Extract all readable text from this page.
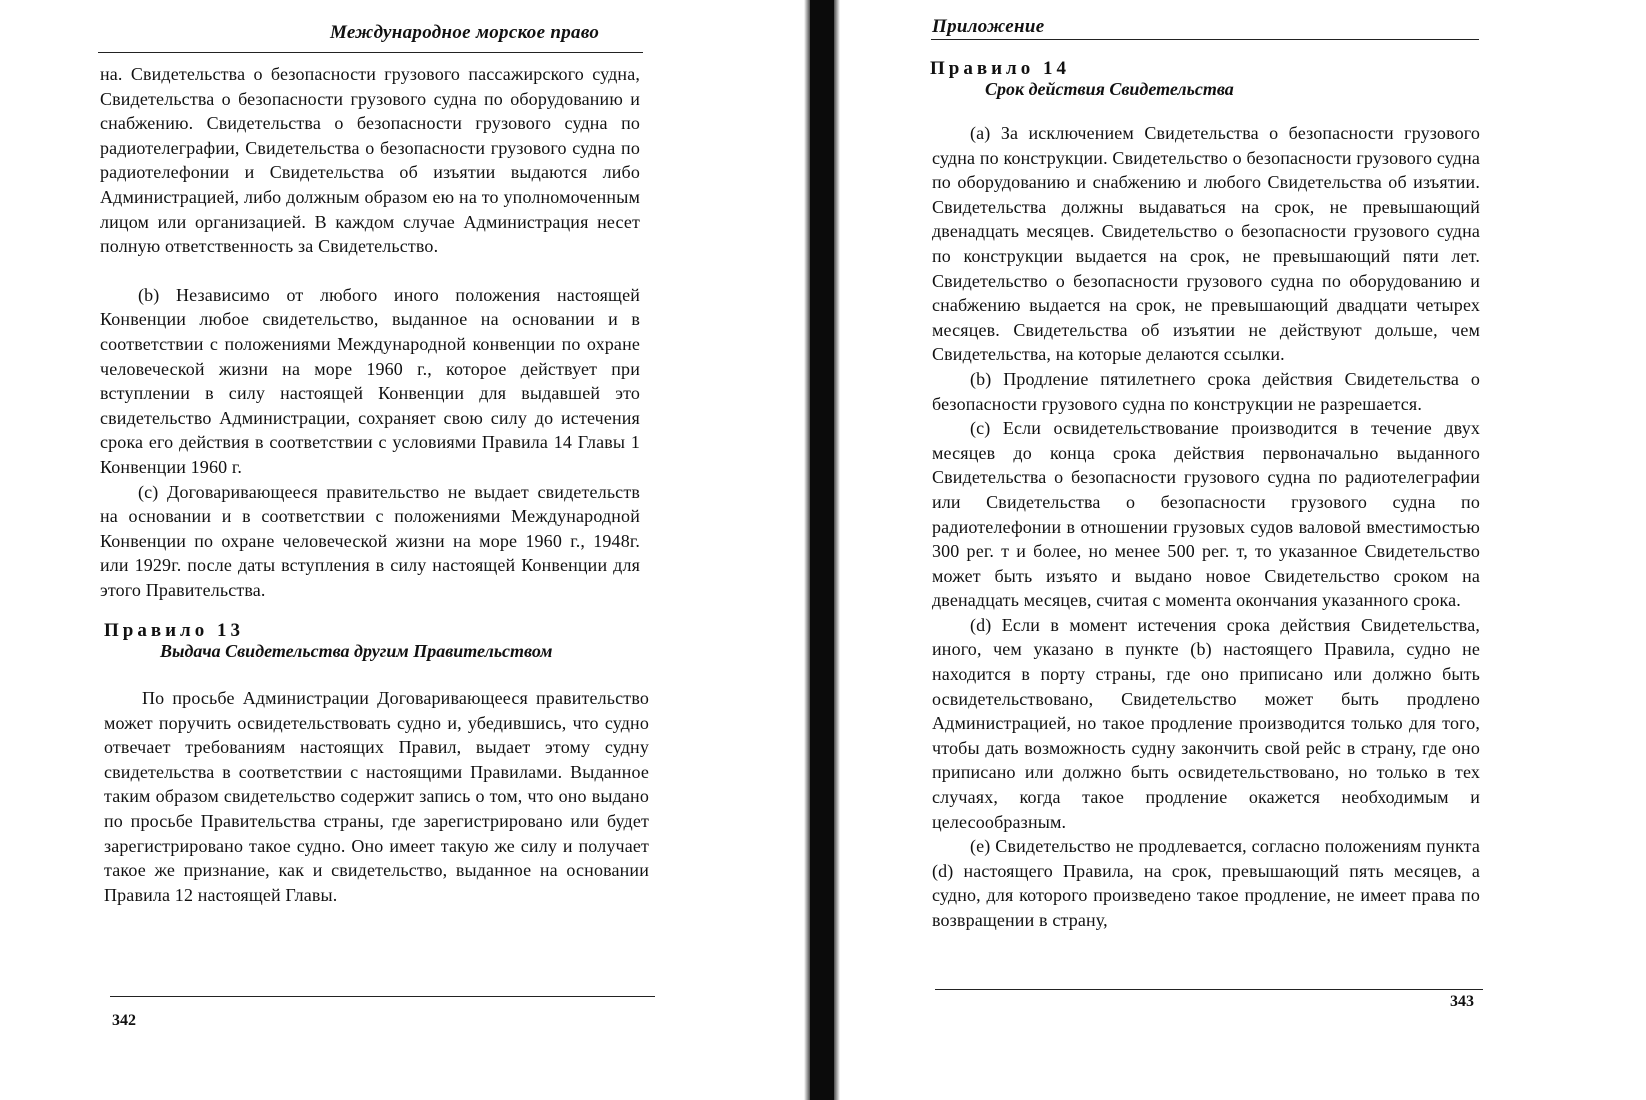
Международное морское право

на. Свидетельства о безопасности грузового пассажирского судна, Свидетельства о безопасности грузового судна по оборудованию и снабжению. Свидетельства о безопасности грузового судна по радиотелеграфии, Свидетельства о безопасности грузового судна по радиотелефонии и Свидетельства об изъятии выдаются либо Администрацией, либо должным образом ею на то уполномоченным лицом или организацией. В каждом случае Администрация несет полную ответственность за Свидетельство.

(b) Независимо от любого иного положения настоящей Конвенции любое свидетельство, выданное на основании и в соответствии с положениями Международной конвенции по охране человеческой жизни на море 1960 г., которое действует при вступлении в силу настоящей Конвенции для выдавшей это свидетельство Администрации, сохраняет свою силу до истечения срока его действия в соответствии с условиями Правила 14 Главы 1 Конвенции 1960 г.

(с) Договаривающееся правительство не выдает свидетельств на основании и в соответствии с положениями Международной Конвенции по охране человеческой жизни на море 1960 г., 1948г. или 1929г. после даты вступления в силу настоящей Конвенции для этого Правительства.

Правило 13
Выдача Свидетельства другим Правительством

По просьбе Администрации Договаривающееся правительство может поручить освидетельствовать судно и, убедившись, что судно отвечает требованиям настоящих Правил, выдает этому судну свидетельства в соответствии с настоящими Правилами. Выданное таким образом свидетельство содержит запись о том, что оно выдано по просьбе Правительства страны, где зарегистрировано или будет зарегистрировано такое судно. Оно имеет такую же силу и получает такое же признание, как и свидетельство, выданное на основании Правила 12 настоящей Главы.

342
Приложение
Правило 14
Срок действия Свидетельства

(а) За исключением Свидетельства о безопасности грузового судна по конструкции. Свидетельство о безопасности грузового судна по оборудованию и снабжению и любого Свидетельства об изъятии. Свидетельства должны выдаваться на срок, не превышающий двенадцать месяцев. Свидетельство о безопасности грузового судна по конструкции выдается на срок, не превышающий пяти лет. Свидетельство о безопасности грузового судна по оборудованию и снабжению выдается на срок, не превышающий двадцати четырех месяцев. Свидетельства об изъятии не действуют дольше, чем Свидетельства, на которые делаются ссылки.

(b) Продление пятилетнего срока действия Свидетельства о безопасности грузового судна по конструкции не разрешается.

(с) Если освидетельствование производится в течение двух месяцев до конца срока действия первоначально выданного Свидетельства о безопасности грузового судна по радиотелеграфии или Свидетельства о безопасности грузового судна по радиотелефонии в отношении грузовых судов валовой вместимостью 300 рег. т и более, но менее 500 рег. т, то указанное Свидетельство может быть изъято и выдано новое Свидетельство сроком на двенадцать месяцев, считая с момента окончания указанного срока.

(d) Если в момент истечения срока действия Свидетельства, иного, чем указано в пункте (b) настоящего Правила, судно не находится в порту страны, где оно приписано или должно быть освидетельствовано, Свидетельство может быть продлено Администрацией, но такое продление производится только для того, чтобы дать возможность судну закончить свой рейс в страну, где оно приписано или должно быть освидетельствовано, но только в тех случаях, когда такое продление окажется необходимым и целесообразным.

(е) Свидетельство не продлевается, согласно положениям пункта (d) настоящего Правила, на срок, превышающий пять месяцев, а судно, для которого произведено такое продление, не имеет права по возвращении в страну,

343
